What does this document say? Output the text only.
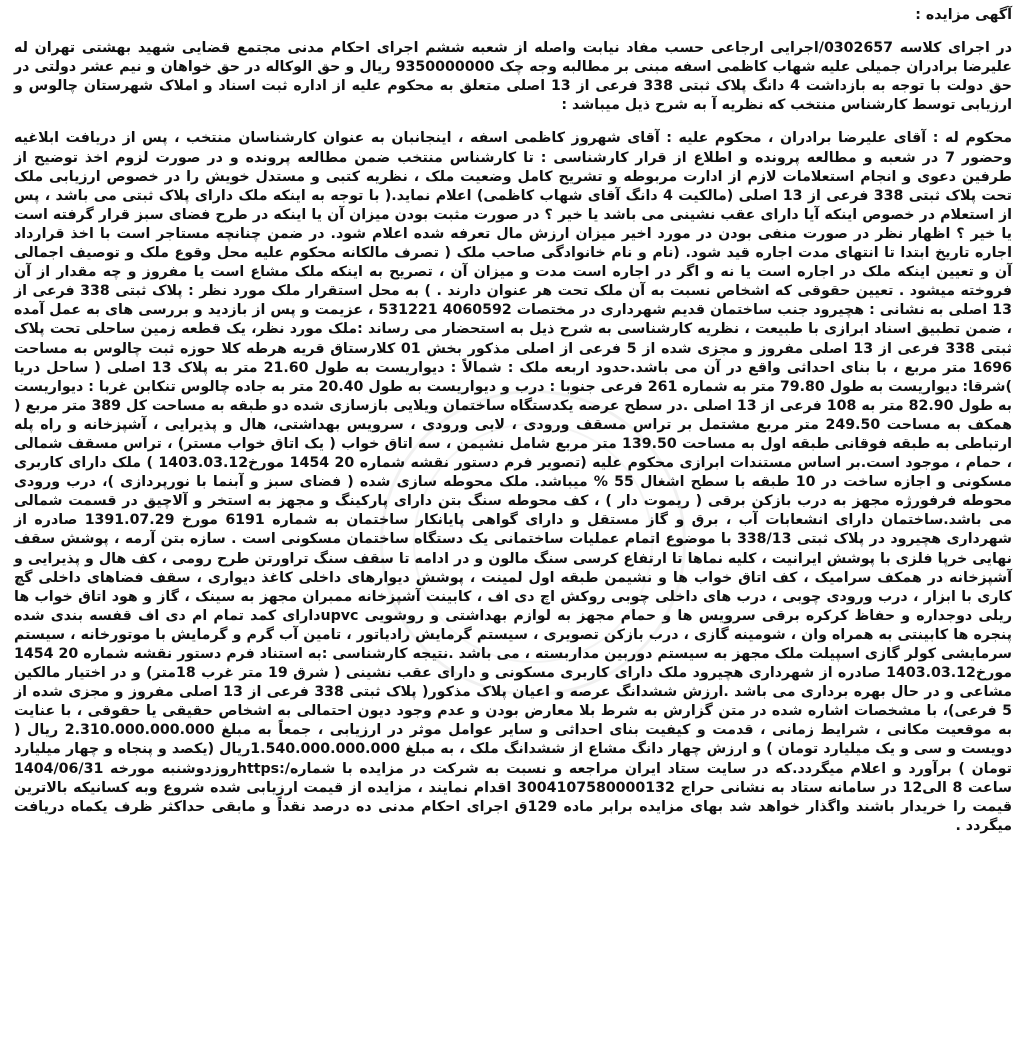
آگهی مزایده :

در اجرای کلاسه 0302657/اجرایی ارجاعی حسب مفاد نیابت واصله از شعبه ششم اجرای احکام مدنی مجتمع قضایی شهید بهشتی تهران له علیرضا برادران جمیلی علیه شهاب کاظمی اسفه مبنی بر مطالبه وجه چک 9350000000 ریال و حق الوکاله در حق خواهان و نیم عشر دولتی در حق دولت با توجه به بازداشت 4 دانگ پلاک ثبتی 338 فرعی از 13 اصلی متعلق به محکوم علیه از اداره ثبت اسناد و املاک شهرستان چالوس و ارزیابی توسط کارشناس منتخب که نظریه آ به شرح ذیل میباشد :

محکوم له : آقای علیرضا برادران ، محکوم علیه : آقای شهروز کاظمی اسفه ، اینجانبان به عنوان کارشناسان منتخب ، پس از دریافت ابلاغیه وحضور 7 در شعبه و مطالعه پرونده و اطلاع از قرار کارشناسی : تا کارشناس منتخب ضمن مطالعه پرونده و در صورت لزوم اخذ توضیح از طرفین دعوی و انجام استعلامات لازم از ادارت مربوطه و تشریح کامل وضعیت ملک ، نظریه کتبی و مستدل خویش را در خصوص ارزیابی ملک تحت پلاک ثبتی 338 فرعی از 13 اصلی (مالکیت 4 دانگ آقای شهاب کاظمی) اعلام نماید.( با توجه به اینکه ملک دارای پلاک ثبتی می باشد ، پس از استعلام در خصوص اینکه آیا دارای عقب نشینی می باشد یا خیر ؟ در صورت مثبت بودن میزان آن یا اینکه در طرح فضای سبز قرار گرفته است یا خیر ؟ اظهار نظر در صورت منفی بودن در مورد اخیر میزان ارزش مال تعرفه شده اعلام شود. در ضمن چنانچه مستاجر است با اخذ قرارداد اجاره تاریخ ابتدا تا انتهای مدت اجاره قید شود. (نام و نام خانوادگی صاحب ملک ( تصرف مالکانه محکوم علیه محل وقوع ملک و توصیف اجمالی آن و تعیین اینکه ملک در اجاره است یا نه و اگر در اجاره است مدت و میزان آن ، تصریح به اینکه ملک مشاع است یا مفروز و چه مقدار از آن فروخته میشود . تعیین حقوقی که اشخاص نسبت به آن ملک تحت هر عنوان دارند . ) به محل استقرار ملک مورد نظر : پلاک ثبتی 338 فرعی از 13 اصلی به نشانی : هچیرود جنب ساختمان قدیم شهرداری در مختصات 4060592 531221 ، عزیمت و پس از بازدید و بررسی های به عمل آمده ، ضمن تطبیق اسناد ابرازی با طبیعت ، نظریه کارشناسی به شرح ذیل به استحضار می رساند :ملک مورد نظر، یک قطعه زمین ساحلی تحت پلاک ثبتی 338 فرعی از 13 اصلی مفروز و مجزی شده از 5 فرعی از اصلی مذکور بخش 01 کلارستاق قریه هرطه کلا حوزه ثبت چالوس به مساحت 1696 متر مربع ، با بنای احداثی واقع در آن می باشد.حدود اربعه ملک : شمالاً : دیواریست به طول 21.60 متر به پلاک 13 اصلی ( ساحل دریا )شرقا: دیواریست به طول 79.80 متر به شماره 261 فرعی جنوبا : درب و دیواریست به طول 20.40 متر به جاده چالوس تنکابن غربا : دیواریست به طول 82.90 متر به 108 فرعی از 13 اصلی .در سطح عرصه یکدستگاه ساختمان ویلایی بازسازی شده دو طبقه به مساحت کل 389 متر مربع ( همکف به مساحت 249.50 متر مربع مشتمل بر تراس مسقف ورودی ، لابی ورودی ، سرویس بهداشتی، هال و پذیرایی ، آشپزخانه و راه پله ارتباطی به طبقه فوقانی طبقه اول به مساحت 139.50 متر مربع شامل نشیمن ، سه اتاق خواب ( یک اتاق خواب مستر) ، تراس مسقف شمالی ، حمام ، موجود است.بر اساس مستندات ابرازی محکوم علیه (تصویر فرم دستور نقشه شماره 20 1454 مورخ1403.03.12 ) ملک دارای کاربری مسکونی و اجازه ساخت در 10 طبقه با سطح اشغال 55 % میباشد. ملک محوطه سازی شده ( فضای سبز و آبنما با نورپردازی )، درب ورودی محوطه فرفورژه مجهز به درب بازکن برقی ( ریموت دار ) ، کف محوطه سنگ بتن دارای پارکینگ و مجهز به استخر و آلاچیق در قسمت شمالی می باشد.ساختمان دارای انشعابات آب ، برق و گاز مستقل و دارای گواهی پایانکار ساختمان به شماره 6191 مورخ 1391.07.29 صادره از شهرداری هچیرود در پلاک ثبتی 338/13 با موضوع اتمام عملیات ساختمانی یک دستگاه ساختمان مسکونی است . سازه بتن آرمه ، پوشش سقف نهایی خرپا فلزی با پوشش ایرانیت ، کلیه نماها تا ارتفاع کرسی سنگ مالون و در ادامه تا سقف سنگ تراورتن طرح رومی ، کف هال و پذیرایی و آشپزخانه در همکف سرامیک ، کف اتاق خواب ها و نشیمن طبقه اول لمینت ، پوشش دیوارهای داخلی کاغذ دیواری ، سقف فضاهای داخلی گچ کاری با ابزار ، درب ورودی چوبی ، درب های داخلی چوبی روکش اچ دی اف ، کابینت آشپزخانه ممبران مجهز به سینک ، گاز و هود اتاق خواب ها ریلی دوجداره و حفاظ کرکره برقی سرویس ها و حمام مجهز به لوازم بهداشتی و روشویی upvcدارای کمد تمام ام دی اف قفسه بندی شده پنجره ها کابینتی به همراه وان ، شومینه گازی ، درب بازکن تصویری ، سیستم گرمایش رادیاتور ، تامین آب گرم و گرمایش با موتورخانه ، سیستم سرمایشی کولر گازی اسپیلت ملک مجهز به سیستم دوربین مداربسته ، می باشد .نتیجه کارشناسی :به استناد فرم دستور نقشه شماره 20 1454 مورخ1403.03.12 صادره از شهرداری هچیرود ملک دارای کاربری مسکونی و دارای عقب نشینی ( شرق 19 متر غرب 18متر) و در اختیار مالکین مشاعی و در حال بهره برداری می باشد .ارزش ششدانگ عرصه و اعیان پلاک مذکور( پلاک ثبتی 338 فرعی از 13 اصلی مفروز و مجزی شده از 5 فرعی)، با مشخصات اشاره شده در متن گزارش به شرط بلا معارض بودن و عدم وجود دیون احتمالی به اشخاص حقیقی یا حقوقی ، با عنایت به موقعیت مکانی ، شرایط زمانی ، قدمت و کیفیت بنای احداثی و سایر عوامل موثر در ارزیابی ، جمعاً به مبلغ 2.310.000.000.000 ریال ( دویست و سی و یک میلیارد تومان ) و ارزش چهار دانگ مشاع از ششدانگ ملک ، به مبلغ 1.540.000.000.000ریال (یکصد و پنجاه و چهار میلیارد تومان ) برآورد و اعلام میگردد.که در سایت ستاد ایران مراجعه و نسبت به شرکت در مزایده با شماره/:httpsروزدوشنبه مورخه 1404/06/31 ساعت 8 الی12 در سامانه ستاد به نشانی حراج 3004107580000132 اقدام نمایند ، مزایده از قیمت ارزیابی شده شروع وبه کسانیکه بالاترین قیمت را خریدار باشند واگذار خواهد شد بهای مزایده برابر ماده 129ق اجرای احکام مدنی ده درصد نقداً و مابقی حداکثر ظرف یکماه دریافت میگردد .
